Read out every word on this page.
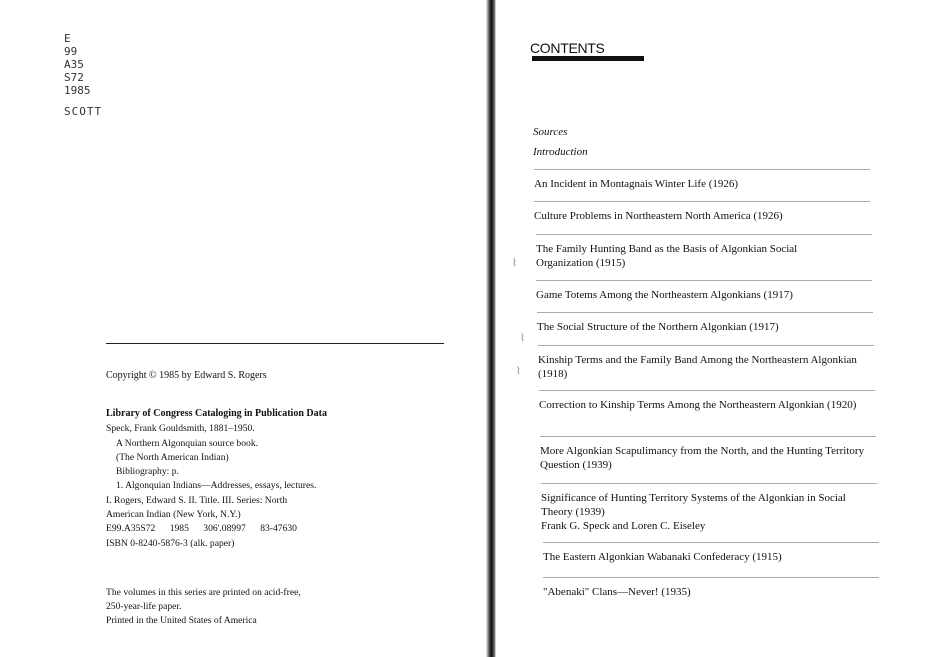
E
99
A35
S72
1985
SCOTT
Copyright © 1985 by Edward S. Rogers
Library of Congress Cataloging in Publication Data
Speck, Frank Gouldsmith, 1881–1950.
A Northern Algonquian source book.
(The North American Indian)
Bibliography: p.
1. Algonquian Indians—Addresses, essays, lectures.
I. Rogers, Edward S. II. Title. III. Series: North
American Indian (New York, N.Y.)
E99.A35S72 1985 306'.08997 83-47630
ISBN 0-8240-5876-3 (alk. paper)
The volumes in this series are printed on acid-free,
250-year-life paper.
Printed in the United States of America
CONTENTS
Sources
Introduction
An Incident in Montagnais Winter Life (1926)
Culture Problems in Northeastern North America (1926)
The Family Hunting Band as the Basis of Algonkian Social Organization (1915)
Game Totems Among the Northeastern Algonkians (1917)
The Social Structure of the Northern Algonkian (1917)
Kinship Terms and the Family Band Among the Northeastern Algonkian (1918)
Correction to Kinship Terms Among the Northeastern Algonkian (1920)
More Algonkian Scapulimancy from the North, and the Hunting Territory Question (1939)
Significance of Hunting Territory Systems of the Algonkian in Social Theory (1939)
Frank G. Speck and Loren C. Eiseley
The Eastern Algonkian Wabanaki Confederacy (1915)
"Abenaki" Clans—Never! (1935)
⌇
⌇
⌇
